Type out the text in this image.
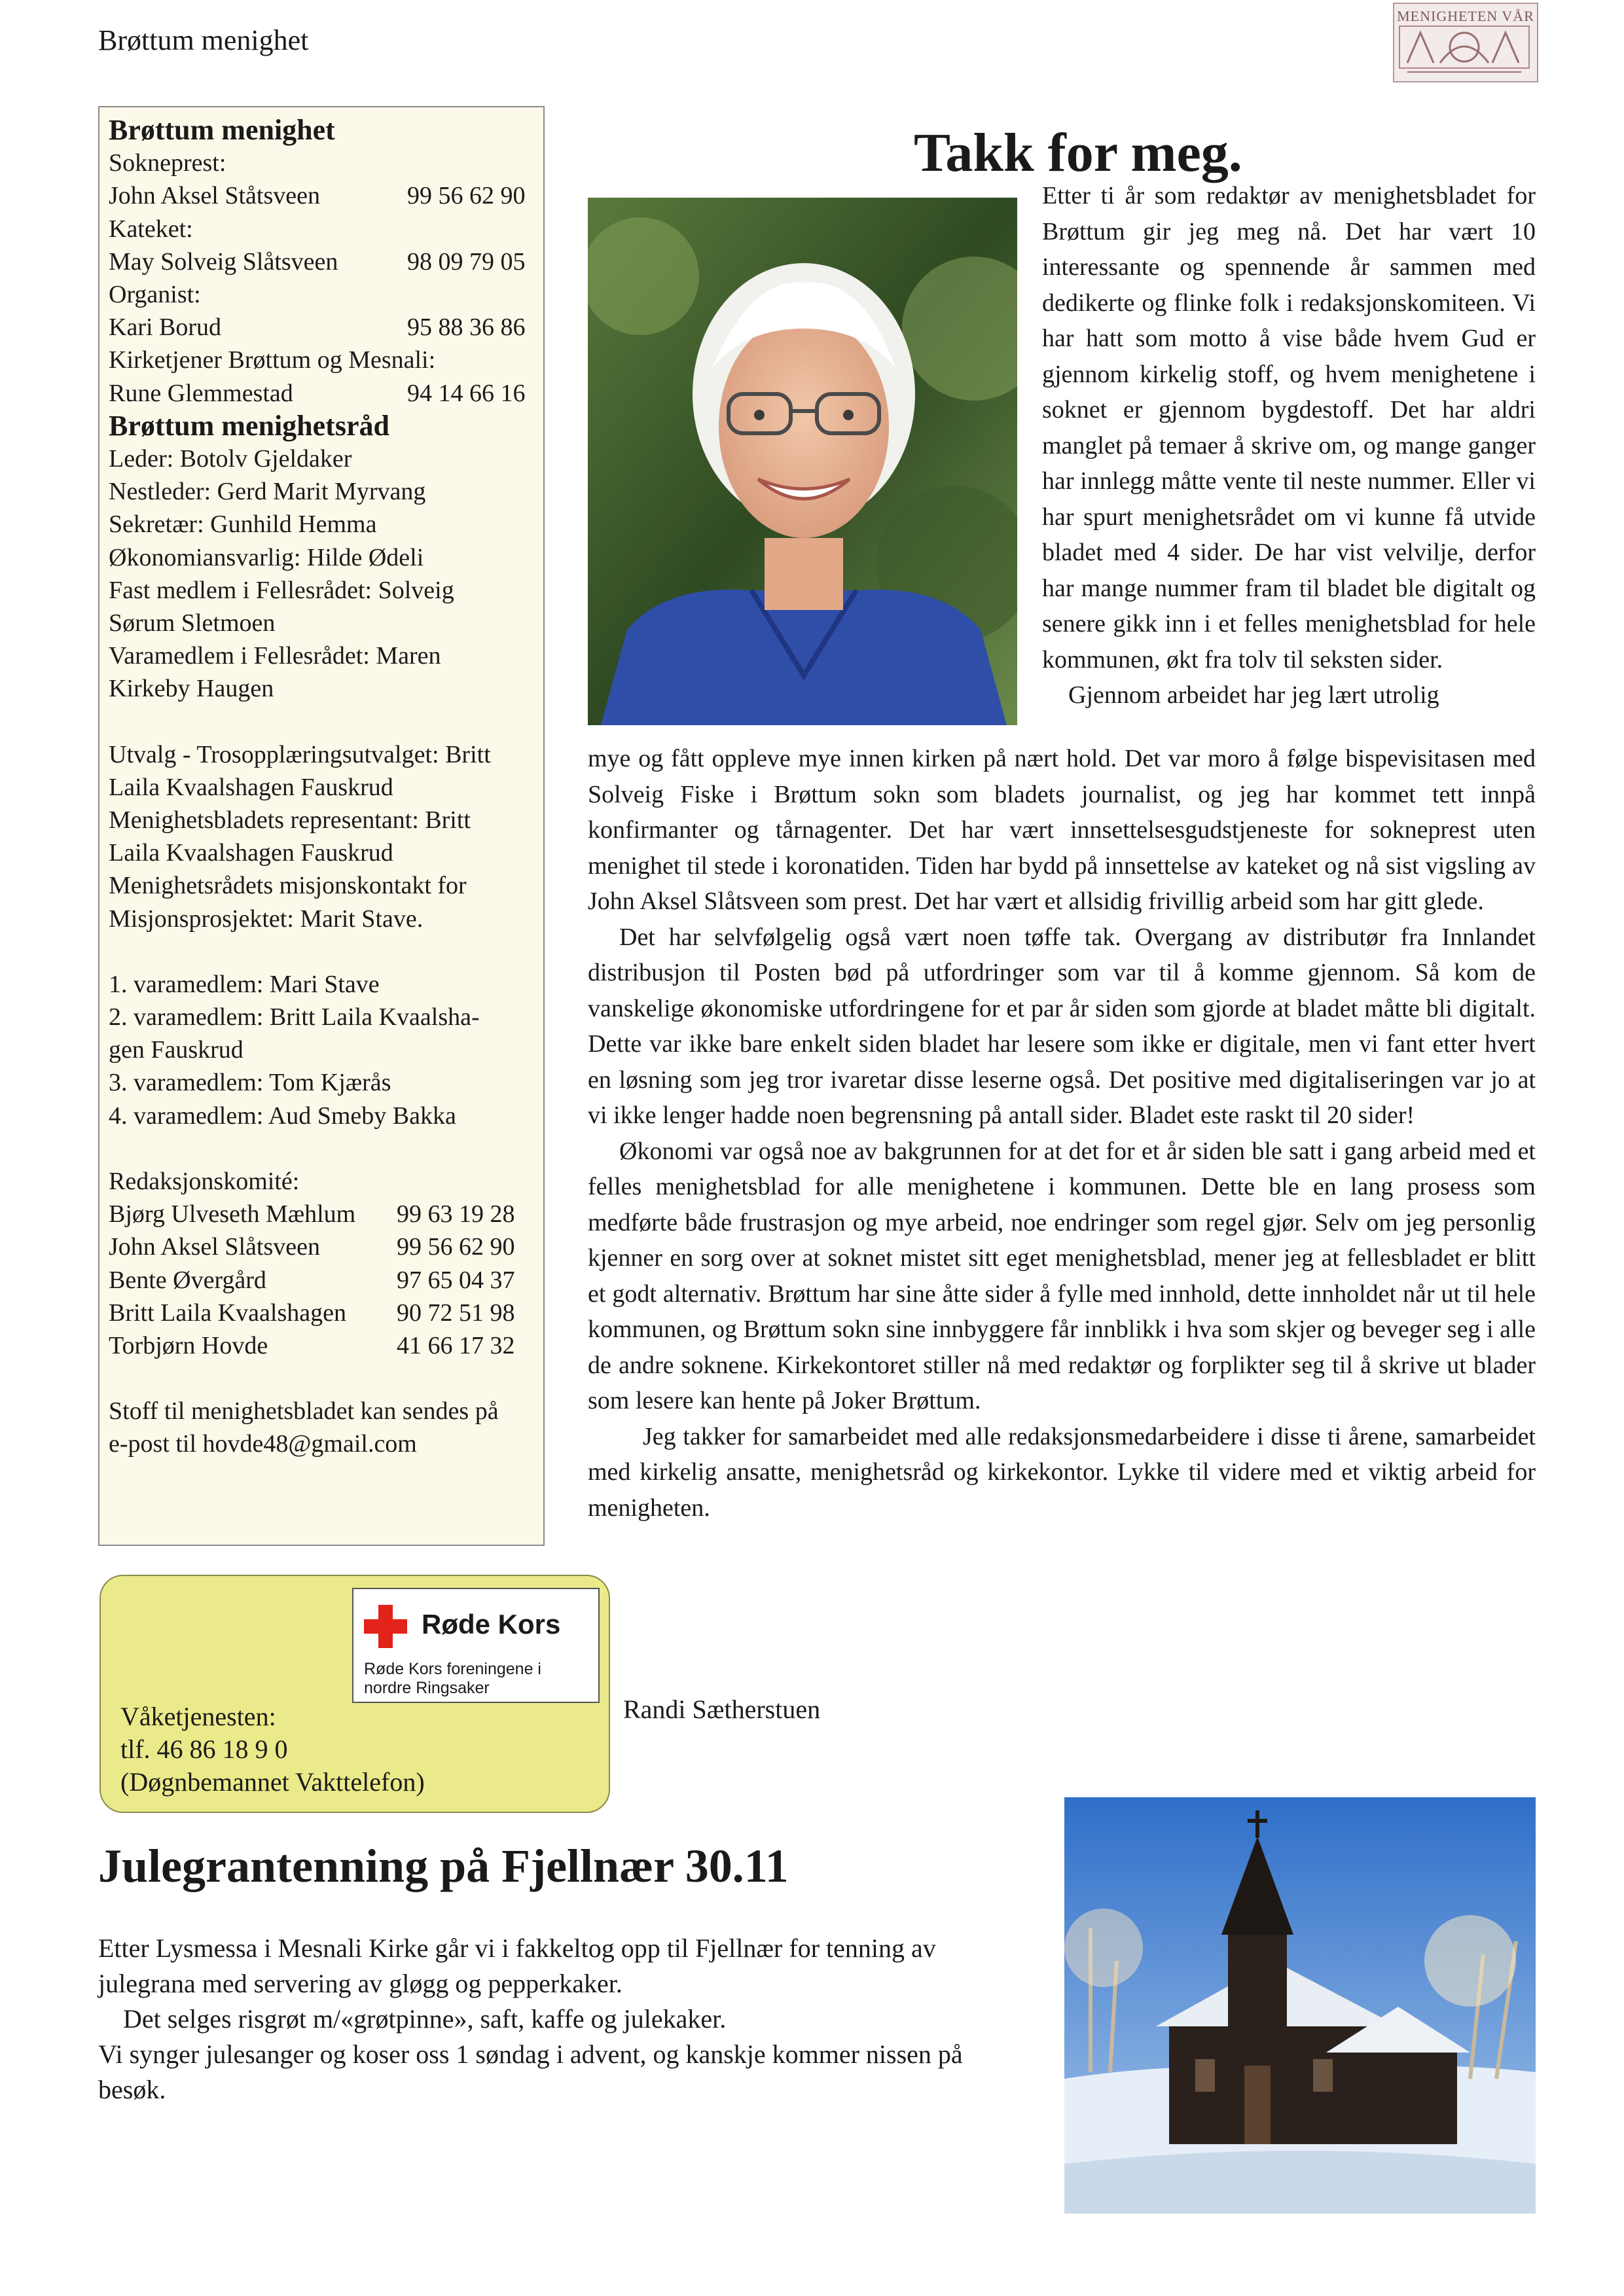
Brøttum menighet
MENIGHETEN VÅR
Brøttum menighet
Sokneprest:
John Aksel Ståtsveen	99 56 62 90
Kateket:
May Solveig Slåtsveen	98 09 79 05
Organist:
Kari Borud	95 88 36 86
Kirketjener Brøttum og Mesnali:
Rune Glemmestad	94 14 66 16
Brøttum menighetsråd
Leder: Botolv Gjeldaker
Nestleder: Gerd Marit Myrvang
Sekretær: Gunhild Hemma
Økonomiansvarlig: Hilde Ødeli
Fast medlem i Fellesrådet: Solveig
Sørum Sletmoen
Varamedlem i Fellesrådet: Maren
Kirkeby Haugen
Utvalg - Trosopplæringsutvalget: Britt
Laila Kvaalshagen Fauskrud
Menighetsbladets representant: Britt
Laila Kvaalshagen Fauskrud
Menighetsrådets misjonskontakt for
Misjonsprosjektet: Marit Stave.
1. varamedlem: Mari Stave
2. varamedlem: Britt Laila Kvaalsha-
gen Fauskrud
3. varamedlem: Tom Kjærås
4. varamedlem: Aud Smeby Bakka
Redaksjonskomité:
Bjørg Ulveseth Mæhlum	99 63 19 28
John Aksel Slåtsveen	99 56 62 90
Bente Øvergård	97 65 04 37
Britt Laila Kvaalshagen	90 72 51 98
Torbjørn Hovde	41 66 17 32
Stoff til menighetsbladet kan sendes på
e-post til hovde48@gmail.com
Røde Kors
Røde Kors foreningene i nordre Ringsaker
Våketjenesten:
tlf. 46 86 18 9 0
(Døgnbemannet Vakttelefon)
Takk for meg.

Etter ti år som redaktør av menighetsbladet for Brøttum gir jeg meg nå. Det har vært 10 interessante og spennende år sammen med dedikerte og flinke folk i redaksjonskomiteen. Vi har hatt som motto å vise både hvem Gud er gjennom kirkelig stoff, og hvem menighetene i soknet er gjennom bygdestoff. Det har aldri manglet på temaer å skrive om, og mange ganger har innlegg måtte vente til neste nummer. Eller vi har spurt menighetsrådet om vi kunne få utvide bladet med 4 sider. De har vist velvilje, derfor har mange nummer fram til bladet ble digitalt og senere gikk inn i et felles menighetsblad for hele kommunen, økt fra tolv til seksten sider.

Gjennom arbeidet har jeg lært utrolig

mye og fått oppleve mye innen kirken på nært hold. Det var moro å følge bispevisitasen med Solveig Fiske i Brøttum sokn som bladets journalist, og jeg har kommet tett innpå konfirmanter og tårnagenter. Det har vært innsettelsesgudstjeneste for sokneprest uten menighet til stede i koronatiden. Tiden har bydd på innsettelse av kateket og nå sist vigsling av John Aksel Slåtsveen som prest. Det har vært et allsidig frivillig arbeid som har gitt glede.

Det har selvfølgelig også vært noen tøffe tak. Overgang av distributør fra Innlandet distribusjon til Posten bød på utfordringer som var til å komme gjennom. Så kom de vanskelige økonomiske utfordringene for et par år siden som gjorde at bladet måtte bli digitalt. Dette var ikke bare enkelt siden bladet har lesere som ikke er digitale, men vi fant etter hvert en løsning som jeg tror ivaretar disse leserne også. Det positive med digitaliseringen var jo at vi ikke lenger hadde noen begrensning på antall sider. Bladet este raskt til 20 sider!

Økonomi var også noe av bakgrunnen for at det for et år siden ble satt i gang arbeid med et felles menighetsblad for alle menighetene i kommunen. Dette ble en lang prosess som medførte både frustrasjon og mye arbeid, noe endringer som regel gjør. Selv om jeg personlig kjenner en sorg over at soknet mistet sitt eget menighetsblad, mener jeg at fellesbladet er blitt et godt alternativ. Brøttum har sine åtte sider å fylle med innhold, dette innholdet når ut til hele kommunen, og Brøttum sokn sine innbyggere får innblikk i hva som skjer og beveger seg i alle de andre soknene. Kirkekontoret stiller nå med redaktør og forplikter seg til å skrive ut blader som lesere kan hente på Joker Brøttum.

Jeg takker for samarbeidet med alle redaksjonsmedarbeidere i disse ti årene, samarbeidet med kirkelig ansatte, menighetsråd og kirkekontor. Lykke til videre med et viktig arbeid for menigheten.

Randi Sætherstuen
Julegrantenning på Fjellnær 30.11

Etter Lysmessa i Mesnali Kirke går vi i fakkeltog opp til Fjellnær for tenning av julegrana med servering av gløgg og pepperkaker.

Det selges risgrøt m/«grøtpinne», saft, kaffe og julekaker.

Vi synger julesanger og koser oss 1 søndag i advent, og kanskje kommer nissen på besøk.
